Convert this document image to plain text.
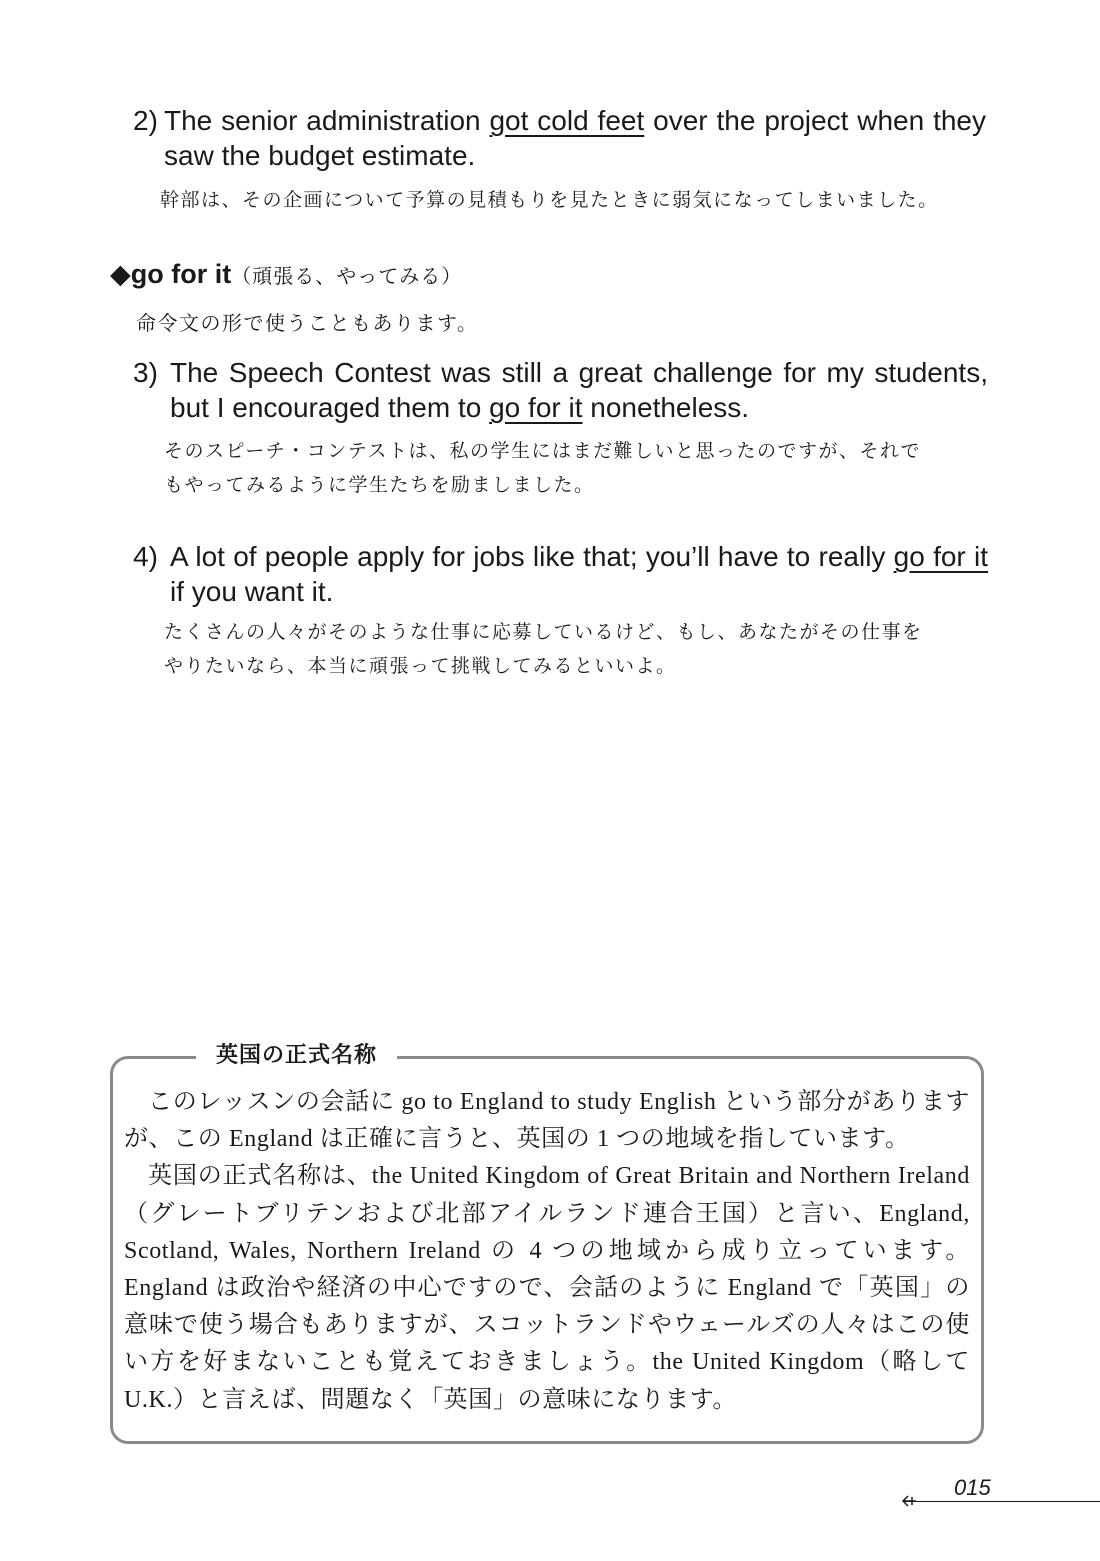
2) The senior administration got cold feet over the project when they saw the budget estimate.
幹部は、その企画について予算の見積もりを見たときに弱気になってしまいました。
◆go for it（頑張る、やってみる）
命令文の形で使うこともあります。
3) The Speech Contest was still a great challenge for my students, but I encouraged them to go for it nonetheless.
そのスピーチ・コンテストは、私の学生にはまだ難しいと思ったのですが、それで
もやってみるように学生たちを励ましました。
4) A lot of people apply for jobs like that; you’ll have to really go for it if you want it.
たくさんの人々がそのような仕事に応募しているけど、もし、あなたがその仕事を
やりたいなら、本当に頑張って挑戦してみるといいよ。
英国の正式名称

このレッスンの会話に go to England to study English という部分がありますが、この England は正確に言うと、英国の 1 つの地域を指しています。

英国の正式名称は、the United Kingdom of Great Britain and Northern Ireland（グレートブリテンおよび北部アイルランド連合王国）と言い、England, Scotland, Wales, Northern Ireland の 4 つの地域から成り立っています。England は政治や経済の中心ですので、会話のように England で「英国」の意味で使う場合もありますが、スコットランドやウェールズの人々はこの使い方を好まないことも覚えておきましょう。the United Kingdom（略して U.K.）と言えば、問題なく「英国」の意味になります。

015
